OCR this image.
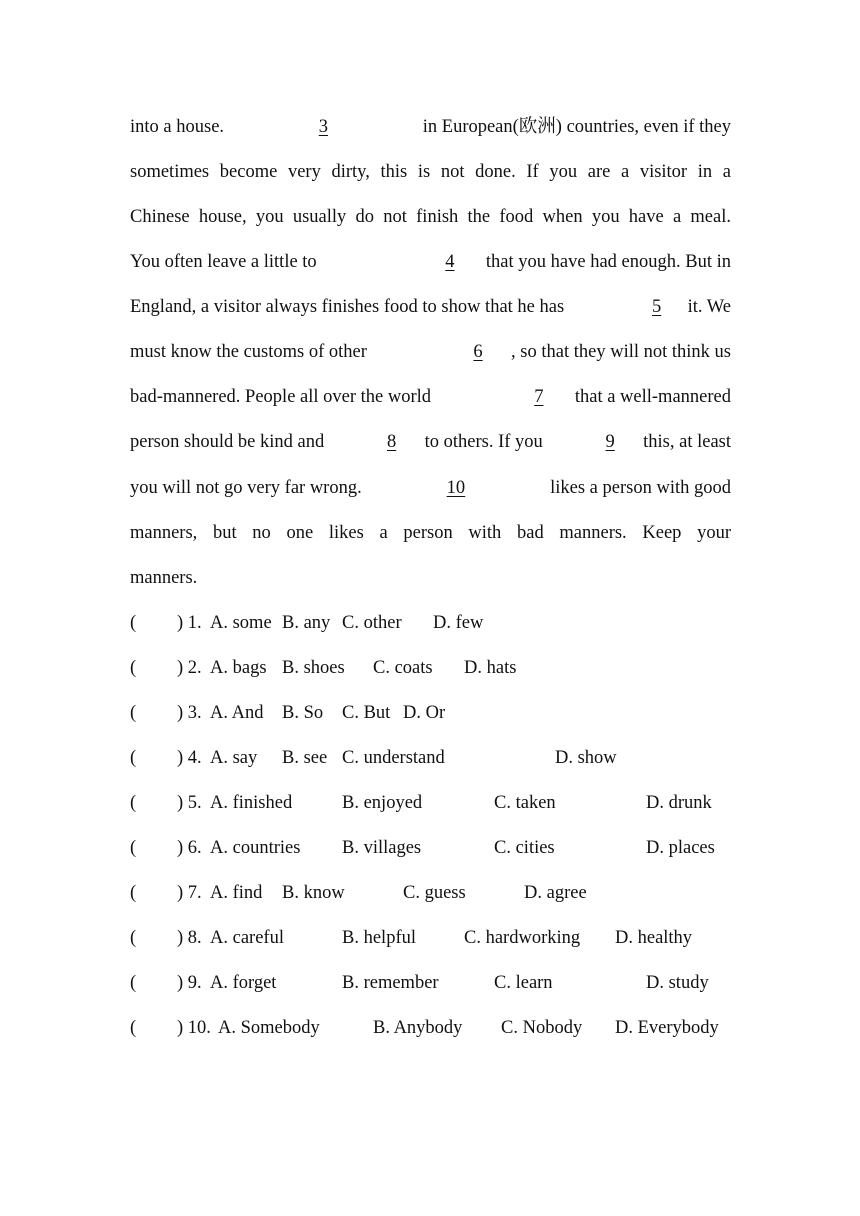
into a house.	3	in European(欧洲) countries, even if they
sometimes become very dirty, this is not done. If you are a visitor in a
Chinese house, you usually do not finish the food when you have a meal.
You often leave a little to	4 that you have had enough. But in
England, a visitor always finishes food to show that he has	5 it. We
must know the customs of other	6 , so that they will not think us
bad-mannered. People all over the world	7 that a well-mannered
person should be kind and	8 to others. If you	9 this, at least
you will not go very far wrong.	10	likes a person with good
manners, but no one likes a person with bad manners. Keep your
manners.
( ) 1. A. some B. any C. other D. few
( ) 2. A. bags B. shoes C. coats D. hats
( ) 3. A. And B. So C. But D. Or
( ) 4. A. say B. see C. understand	D. show
( ) 5. A. finished	B. enjoyed	C. taken	D. drunk
( ) 6. A. countries B. villages	C. cities	D. places
( ) 7. A. find B. know	C. guess	D. agree
( ) 8. A. careful	B. helpful	C. hardworking D. healthy
( ) 9. A. forget	B. remember	C. learn	D. study
( ) 10. A. Somebody	B. Anybody C. Nobody D. Everybody
